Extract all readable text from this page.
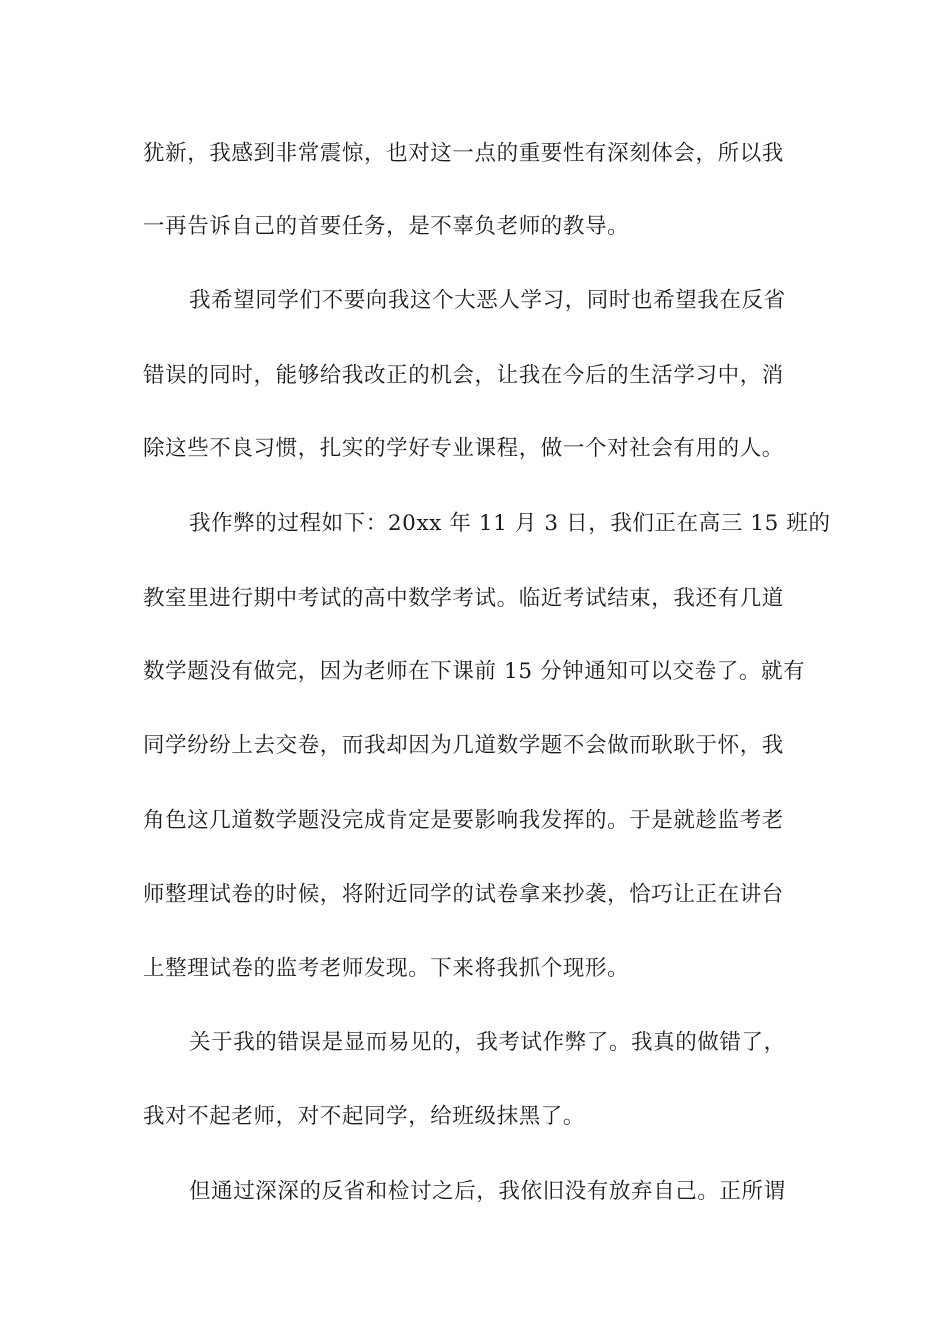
犹新，我感到非常震惊，也对这一点的重要性有深刻体会，所以我
一再告诉自己的首要任务，是不辜负老师的教导。
我希望同学们不要向我这个大恶人学习，同时也希望我在反省
错误的同时，能够给我改正的机会，让我在今后的生活学习中，消
除这些不良习惯，扎实的学好专业课程，做一个对社会有用的人。
我作弊的过程如下：20xx 年 11 月 3 日，我们正在高三 15 班的
教室里进行期中考试的高中数学考试。临近考试结束，我还有几道
数学题没有做完，因为老师在下课前 15 分钟通知可以交卷了。就有
同学纷纷上去交卷，而我却因为几道数学题不会做而耿耿于怀，我
角色这几道数学题没完成肯定是要影响我发挥的。于是就趁监考老
师整理试卷的时候，将附近同学的试卷拿来抄袭，恰巧让正在讲台
上整理试卷的监考老师发现。下来将我抓个现形。
关于我的错误是显而易见的，我考试作弊了。我真的做错了，
我对不起老师，对不起同学，给班级抹黑了。
但通过深深的反省和检讨之后，我依旧没有放弃自己。正所谓
